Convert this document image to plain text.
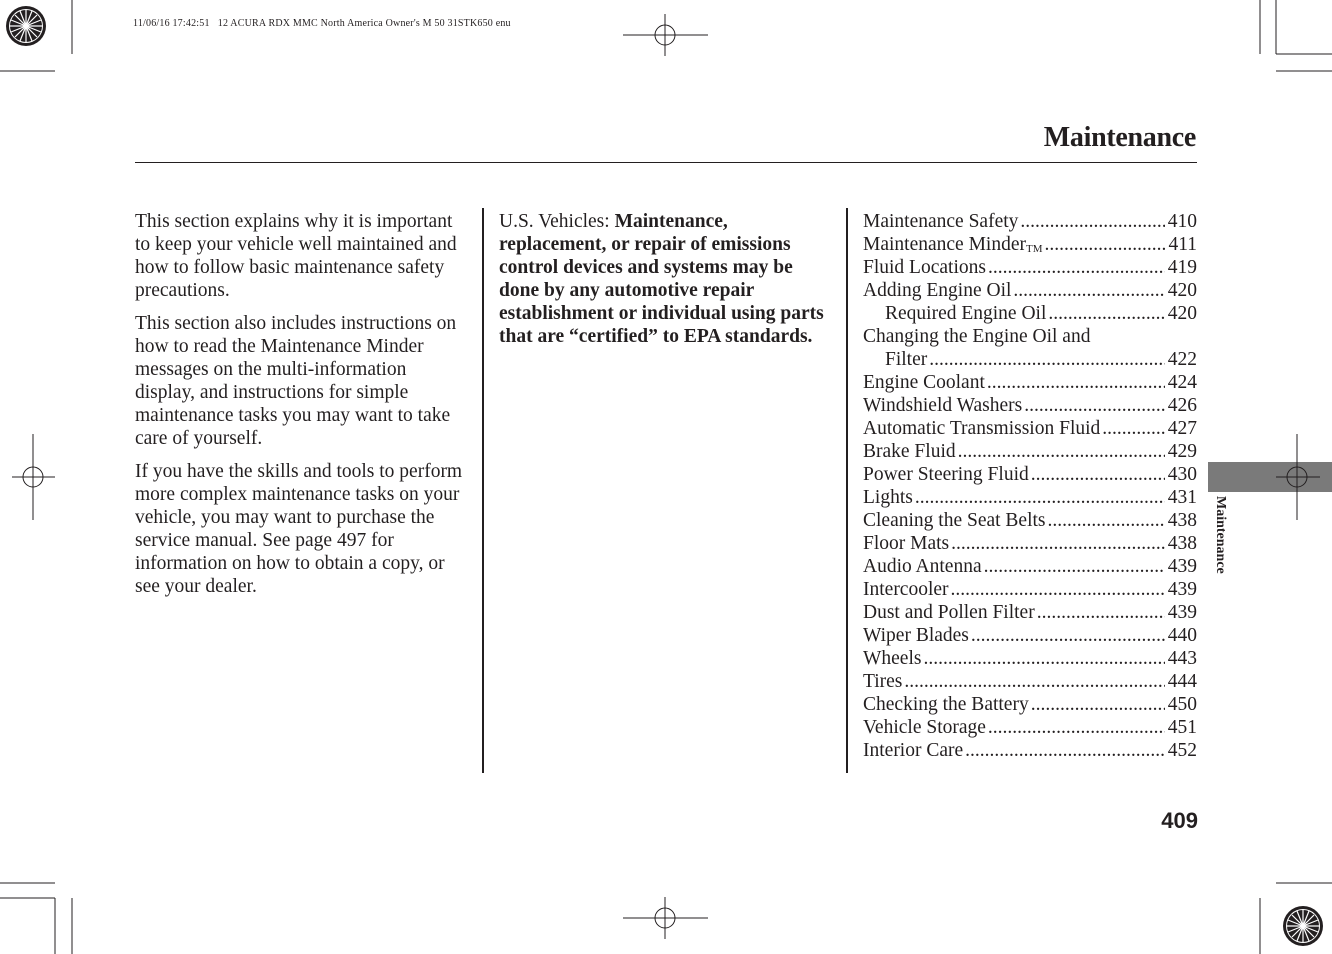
11/06/16 17:42:51   12 ACURA RDX MMC North America Owner's M 50 31STK650 enu
Maintenance

This section explains why it is important to keep your vehicle well maintained and how to follow basic maintenance safety precautions.

This section also includes instructions on how to read the Maintenance Minder messages on the multi-information display, and instructions for simple maintenance tasks you may want to take care of yourself.

If you have the skills and tools to perform more complex maintenance tasks on your vehicle, you may want to purchase the service manual. See page 497 for information on how to obtain a copy, or see your dealer.

U.S. Vehicles: Maintenance, replacement, or repair of emissions control devices and systems may be done by any automotive repair establishment or individual using parts that are “certified” to EPA standards.
Maintenance Safety .....	410
Maintenance Minder TM .....	411
Fluid Locations .....	419
Adding Engine Oil .....	420
Required Engine Oil .....	420
Changing the Engine Oil and
Filter .....	422
Engine Coolant .....	424
Windshield Washers .....	426
Automatic Transmission Fluid .....	427
Brake Fluid .....	429
Power Steering Fluid .....	430
Lights .....	431
Cleaning the Seat Belts .....	438
Floor Mats .....	438
Audio Antenna .....	439
Intercooler .....	439
Dust and Pollen Filter .....	439
Wiper Blades .....	440
Wheels .....	443
Tires .....	444
Checking the Battery .....	450
Vehicle Storage .....	451
Interior Care .....	452
Maintenance
409
